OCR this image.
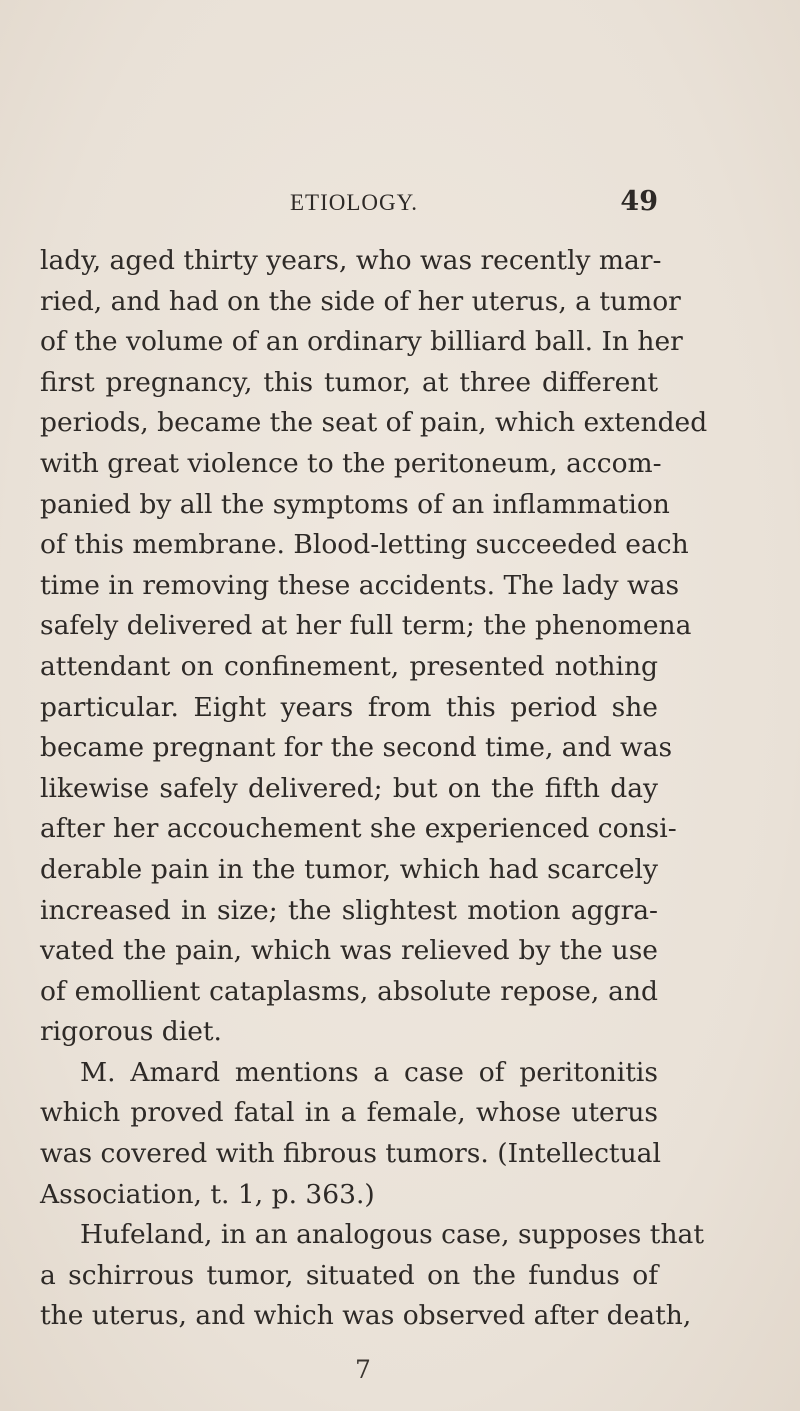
ETIOLOGY.	49

lady, aged thirty years, who was recently mar-
ried, and had on the side of her uterus, a tumor
of the volume of an ordinary billiard ball. In her
first pregnancy, this tumor, at three different
periods, became the seat of pain, which extended
with great violence to the peritoneum, accom-
panied by all the symptoms of an inflammation
of this membrane. Blood-letting succeeded each
time in removing these accidents. The lady was
safely delivered at her full term; the phenomena
attendant on confinement, presented nothing
particular. Eight years from this period she
became pregnant for the second time, and was
likewise safely delivered; but on the fifth day
after her accouchement she experienced consi-
derable pain in the tumor, which had scarcely
increased in size; the slightest motion aggra-
vated the pain, which was relieved by the use
of emollient cataplasms, absolute repose, and
rigorous diet.

M. Amard mentions a case of peritonitis
which proved fatal in a female, whose uterus
was covered with fibrous tumors. (Intellectual
Association, t. 1, p. 363.)

Hufeland, in an analogous case, supposes that
a schirrous tumor, situated on the fundus of
the uterus, and which was observed after death,

7
